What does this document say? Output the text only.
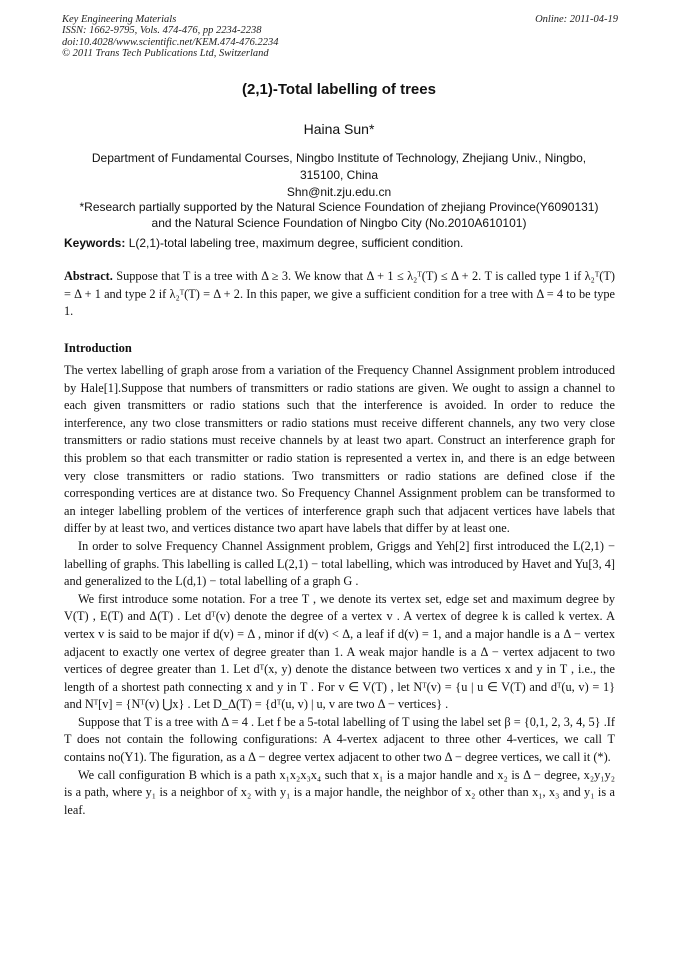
Key Engineering Materials
ISSN: 1662-9795, Vols. 474-476, pp 2234-2238
doi:10.4028/www.scientific.net/KEM.474-476.2234
© 2011 Trans Tech Publications Ltd, Switzerland
Online: 2011-04-19
(2,1)-Total labelling of trees
Haina Sun*
Department of Fundamental Courses, Ningbo Institute of Technology, Zhejiang Univ., Ningbo, 315100, China
Shn@nit.zju.edu.cn
*Research partially supported by the Natural Science Foundation of zhejiang Province(Y6090131)
and the Natural Science Foundation of Ningbo City (No.2010A610101)
Keywords: L(2,1)-total labeling tree, maximum degree, sufficient condition.
Abstract. Suppose that T is a tree with Δ ≥ 3. We know that Δ + 1 ≤ λ₂ᵀ(T) ≤ Δ + 2. T is called type 1 if λ₂ᵀ(T) = Δ + 1 and type 2 if λ₂ᵀ(T) = Δ + 2. In this paper, we give a sufficient condition for a tree with Δ = 4 to be type 1.
Introduction

The vertex labelling of graph arose from a variation of the Frequency Channel Assignment problem introduced by Hale[1].Suppose that numbers of transmitters or radio stations are given. We ought to assign a channel to each given transmitters or radio stations such that the interference is avoided. In order to reduce the interference, any two close transmitters or radio stations must receive different channels, any two very close transmitters or radio stations must receive channels by at least two apart. Construct an interference graph for this problem so that each transmitter or radio station is represented a vertex in, and there is an edge between very close transmitters or radio stations. Two transmitters or radio stations are defined close if the corresponding vertices are at distance two. So Frequency Channel Assignment problem can be transformed to an integer labelling problem of the vertices of interference graph such that adjacent vertices have labels that differ by at least two, and vertices distance two apart have labels that differ by at least one.

In order to solve Frequency Channel Assignment problem, Griggs and Yeh[2] first introduced the L(2,1) − labelling of graphs. This labelling is called L(2,1) − total labelling, which was introduced by Havet and Yu[3, 4] and generalized to the L(d,1) − total labelling of a graph G .

We first introduce some notation. For a tree T , we denote its vertex set, edge set and maximum degree by V(T) , E(T) and Δ(T) . Let dᵀ(v) denote the degree of a vertex v . A vertex of degree k is called k vertex. A vertex v is said to be major if d(v) = Δ , minor if d(v) < Δ, a leaf if d(v) = 1, and a major handle is a Δ − vertex adjacent to exactly one vertex of degree greater than 1. A weak major handle is a Δ − vertex adjacent to two vertices of degree greater than 1. Let dᵀ(x, y) denote the distance between two vertices x and y in T , i.e., the length of a shortest path connecting x and y in T . For v ∈ V(T) , let Nᵀ(v) = {u | u ∈ V(T) and dᵀ(u, v) = 1} and Nᵀ[v] = {Nᵀ(v) ⋃x} . Let D_Δ(T) = {dᵀ(u, v) | u, v are two Δ − vertices} .

Suppose that T is a tree with Δ = 4 . Let f be a 5-total labelling of T using the label set β = {0,1, 2, 3, 4, 5} .If T does not contain the following configurations: A 4-vertex adjacent to three other 4-vertices, we call T contains no(Y1). The figuration, as a Δ − degree vertex adjacent to other two Δ − degree vertices, we call it (*).

We call configuration B which is a path x₁x₂x₃x₄ such that x₁ is a major handle and x₂ is Δ − degree, x₂y₁y₂ is a path, where y₁ is a neighbor of x₂ with y₁ is a major handle, the neighbor of x₂ other than x₁, x₃ and y₁ is a leaf.
